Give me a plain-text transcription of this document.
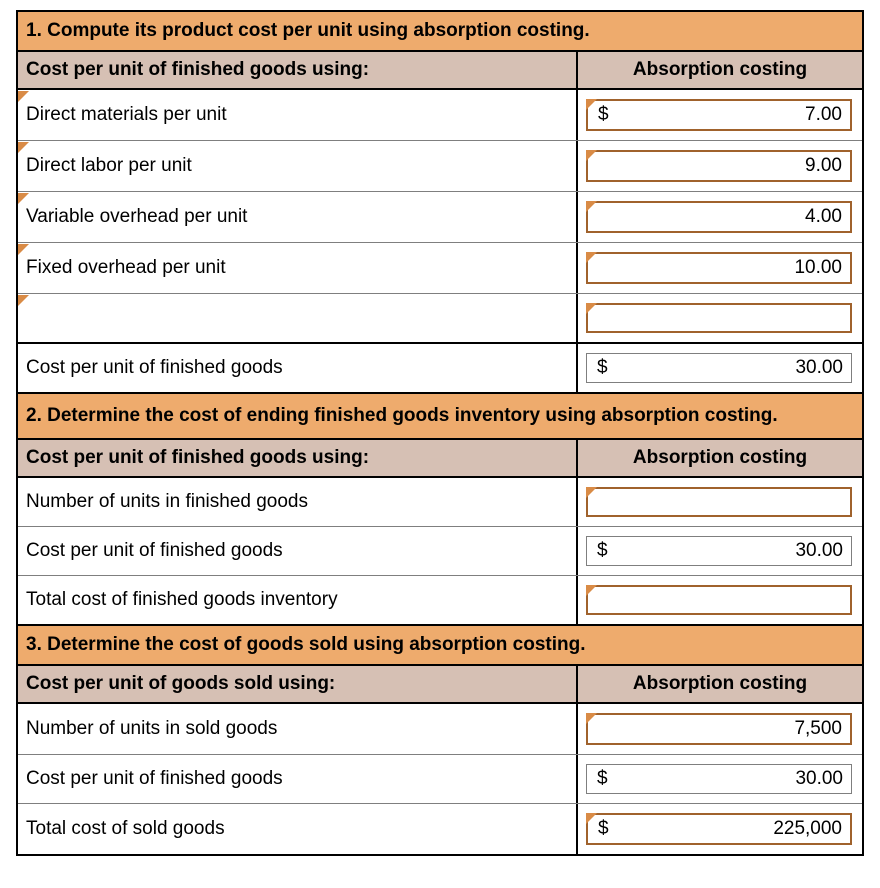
1. Compute its product cost per unit using absorption costing.
Cost per unit of finished goods using:	Absorption costing
Direct materials per unit	$	7.00
Direct labor per unit	9.00
Variable overhead per unit	4.00
Fixed overhead per unit	10.00
Cost per unit of finished goods	$	30.00
2. Determine the cost of ending finished goods inventory using absorption costing.
Cost per unit of finished goods using:	Absorption costing
Number of units in finished goods
Cost per unit of finished goods	$	30.00
Total cost of finished goods inventory
3. Determine the cost of goods sold using absorption costing.
Cost per unit of goods sold using:	Absorption costing
Number of units in sold goods	7,500
Cost per unit of finished goods	$	30.00
Total cost of sold goods	$	225,000
